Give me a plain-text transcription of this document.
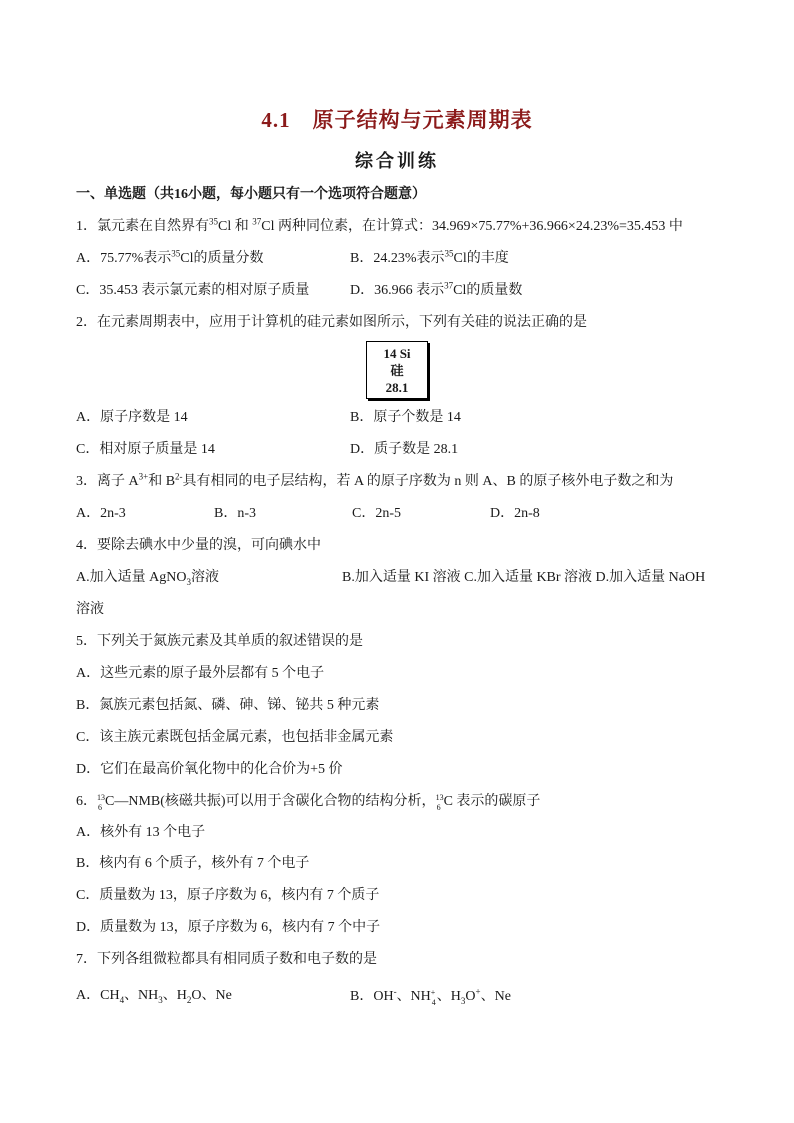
4.1 原子结构与元素周期表
综合训练
一、单选题（共16小题，每小题只有一个选项符合题意）
1．氯元素在自然界有$^{35}$Cl 和 $^{37}$Cl 两种同位素，在计算式：34.969×75.77%+36.966×24.23%=35.453 中
A．75.77%表示$^{35}$Cl的质量分数	B．24.23%表示$^{35}$Cl的丰度
C．35.453 表示氯元素的相对原子质量	D．36.966 表示$^{37}$Cl的质量数
2．在元素周期表中，应用于计算机的硅元素如图所示，下列有关硅的说法正确的是
14 Si
硅
28.1
A．原子序数是 14	B．原子个数是 14
C．相对原子质量是 14	D．质子数是 28.1
3．离子 $A^{3+}$和 $B^{2-}$具有相同的电子层结构，若 A 的原子序数为 n 则 A、B 的原子核外电子数之和为
A．2n-3	B．n-3	C．2n-5	D．2n-8
4．要除去碘水中少量的溴，可向碘水中
A.加入适量 AgNO$_3$溶液	B.加入适量 KI 溶液 C.加入适量 KBr 溶液 D.加入适量 NaOH
溶液
5．下列关于氮族元素及其单质的叙述错误的是
A．这些元素的原子最外层都有 5 个电子
B．氮族元素包括氮、磷、砷、锑、铋共 5 种元素
C．该主族元素既包括金属元素，也包括非金属元素
D．它们在最高价氧化物中的化合价为+5 价
6． 13
6 C—NMB(核磁共振)可以用于含碳化合物的结构分析， 13
6 C 表示的碳原子
A．核外有 13 个电子
B．核内有 6 个质子，核外有 7 个电子
C．质量数为 13，原子序数为 6，核内有 7 个质子
D．质量数为 13，原子序数为 6，核内有 7 个中子
7．下列各组微粒都具有相同质子数和电子数的是
A．$CH_4$、$NH_3$、$H_2O$、Ne	B．OH-、NH +
4 、$H_3O^+$、Ne
